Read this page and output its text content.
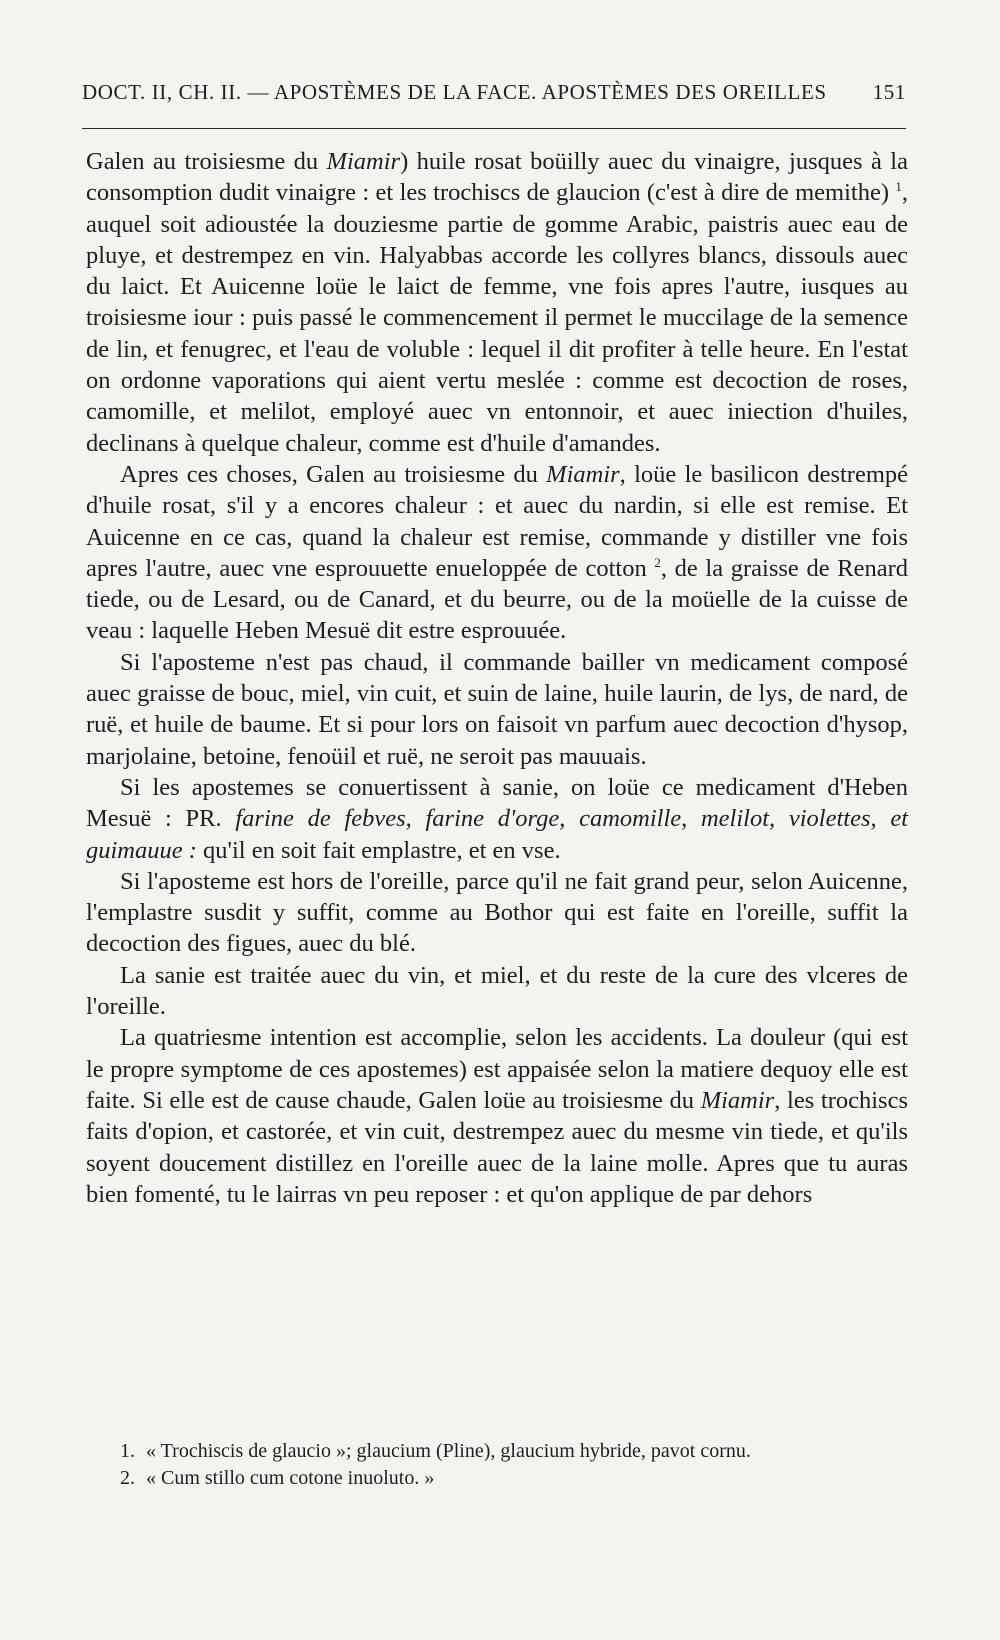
DOCT. II, CH. II. — APOSTÈMES DE LA FACE. APOSTÈMES DES OREILLES 151

Galen au troisiesme du Miamir) huile rosat boüilly auec du vinaigre, jusques à la consomption dudit vinaigre : et les trochiscs de glaucion (c'est à dire de memithe) $^1$, auquel soit adioustée la douziesme partie de gomme Arabic, paistris auec eau de pluye, et destrempez en vin. Halyabbas accorde les collyres blancs, dissouls auec du laict. Et Auicenne loüe le laict de femme, vne fois apres l'autre, iusques au troisiesme iour : puis passé le commencement il permet le muccilage de la semence de lin, et fenugrec, et l'eau de voluble : lequel il dit profiter à telle heure. En l'estat on ordonne vaporations qui aient vertu meslée : comme est decoction de roses, camomille, et melilot, employé auec vn entonnoir, et auec iniection d'huiles, declinans à quelque chaleur, comme est d'huile d'amandes.

Apres ces choses, Galen au troisiesme du Miamir, loüe le basilicon destrempé d'huile rosat, s'il y a encores chaleur : et auec du nardin, si elle est remise. Et Auicenne en ce cas, quand la chaleur est remise, commande y distiller vne fois apres l'autre, auec vne esprouuette enueloppée de cotton $^2$, de la graisse de Renard tiede, ou de Lesard, ou de Canard, et du beurre, ou de la moüelle de la cuisse de veau : laquelle Heben Mesuë dit estre esprouuée.

Si l'aposteme n'est pas chaud, il commande bailler vn medicament composé auec graisse de bouc, miel, vin cuit, et suin de laine, huile laurin, de lys, de nard, de ruë, et huile de baume. Et si pour lors on faisoit vn parfum auec decoction d'hysop, marjolaine, betoine, fenoüil et ruë, ne seroit pas mauuais.

Si les apostemes se conuertissent à sanie, on loüe ce medicament d'Heben Mesuë : PR. farine de febves, farine d'orge, camomille, melilot, violettes, et guimauue : qu'il en soit fait emplastre, et en vse.

Si l'aposteme est hors de l'oreille, parce qu'il ne fait grand peur, selon Auicenne, l'emplastre susdit y suffit, comme au Bothor qui est faite en l'oreille, suffit la decoction des figues, auec du blé.

La sanie est traitée auec du vin, et miel, et du reste de la cure des vlceres de l'oreille.

La quatriesme intention est accomplie, selon les accidents. La douleur (qui est le propre symptome de ces apostemes) est appaisée selon la matiere dequoy elle est faite. Si elle est de cause chaude, Galen loüe au troisiesme du Miamir, les trochiscs faits d'opion, et castorée, et vin cuit, destrempez auec du mesme vin tiede, et qu'ils soyent doucement distillez en l'oreille auec de la laine molle. Apres que tu auras bien fomenté, tu le lairras vn peu reposer : et qu'on applique de par dehors

1. « Trochiscis de glaucio »; glaucium (Pline), glaucium hybride, pavot cornu.

2. « Cum stillo cum cotone inuoluto. »
